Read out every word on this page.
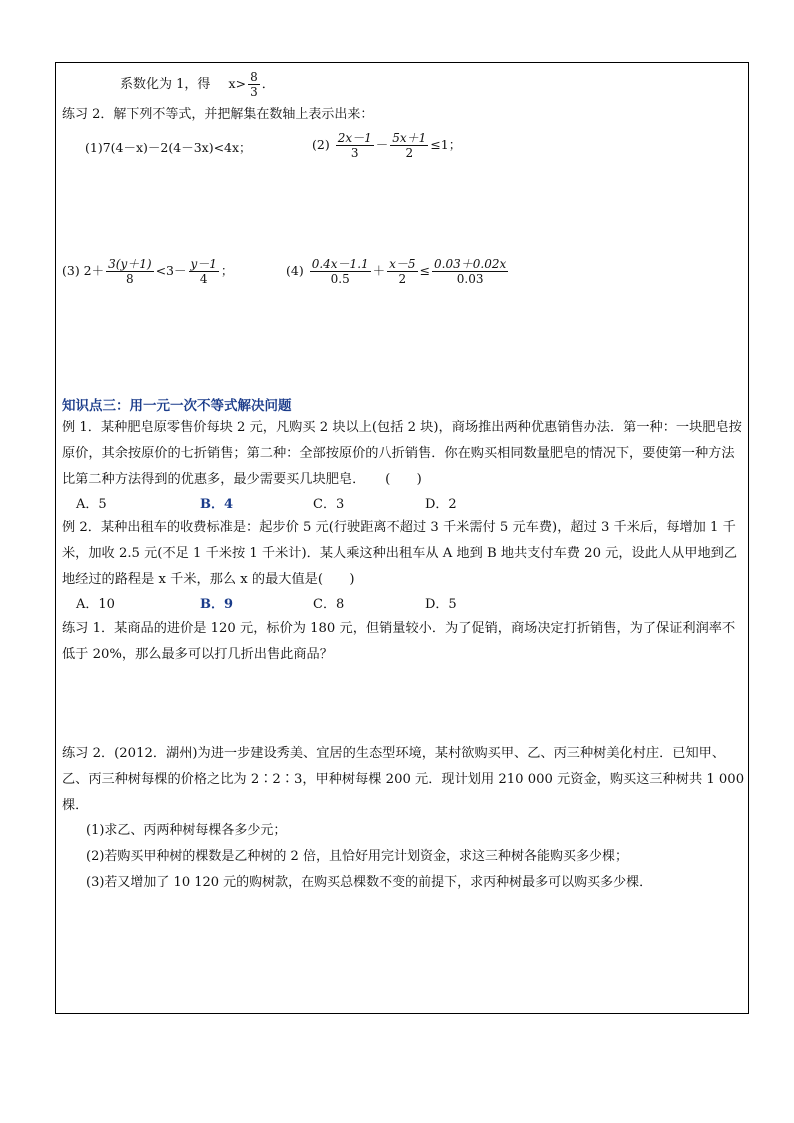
系数化为 1，得 $x> \frac{8}{3}$ ．
练习 2．解下列不等式，并把解集在数轴上表示出来：
(1)7(4－x)－2(4－3x)<4x；	$(2) \frac{2x-1}{3} - \frac{5x+1}{2} \le 1$；
(3) $2+ \frac{3(y+1)}{8} <3- \frac{y-1}{4}$ ；	$(4) \frac{0.4x-1.1}{0.5} + \frac{x-5}{2} \le \frac{0.03+0.02x}{0.03}$
知识点三：用一元一次不等式解决问题
例 1．某种肥皂原零售价每块 2 元，凡购买 2 块以上(包括 2 块)，商场推出两种优惠销售办法．第一种：一块肥皂按原价，其余按原价的七折销售；第二种：全部按原价的八折销售．你在购买相同数量肥皂的情况下，要使第一种方法比第二种方法得到的优惠多，最少需要买几块肥皂．　　(　　)
A．5	B．4	C．3	D．2
例 2．某种出租车的收费标准是：起步价 5 元(行驶距离不超过 3 千米需付 5 元车费)，超过 3 千米后，每增加 1 千米，加收 2.5 元(不足 1 千米按 1 千米计)．某人乘这种出租车从 A 地到 B 地共支付车费 20 元，设此人从甲地到乙地经过的路程是 x 千米，那么 x 的最大值是(　　)
A．10	B．9	C．8	D．5
练习 1．某商品的进价是 120 元，标价为 180 元，但销量较小．为了促销，商场决定打折销售，为了保证利润率不低于 20%，那么最多可以打几折出售此商品？
练习 2．(2012．湖州)为进一步建设秀美、宜居的生态型环境，某村欲购买甲、乙、丙三种树美化村庄．已知甲、乙、丙三种树每棵的价格之比为 2∶2∶3，甲种树每棵 200 元．现计划用 210 000 元资金，购买这三种树共 1 000 棵．
(1)求乙、丙两种树每棵各多少元；
(2)若购买甲种树的棵数是乙种树的 2 倍，且恰好用完计划资金，求这三种树各能购买多少棵；
(3)若又增加了 10 120 元的购树款，在购买总棵数不变的前提下，求丙种树最多可以购买多少棵．
